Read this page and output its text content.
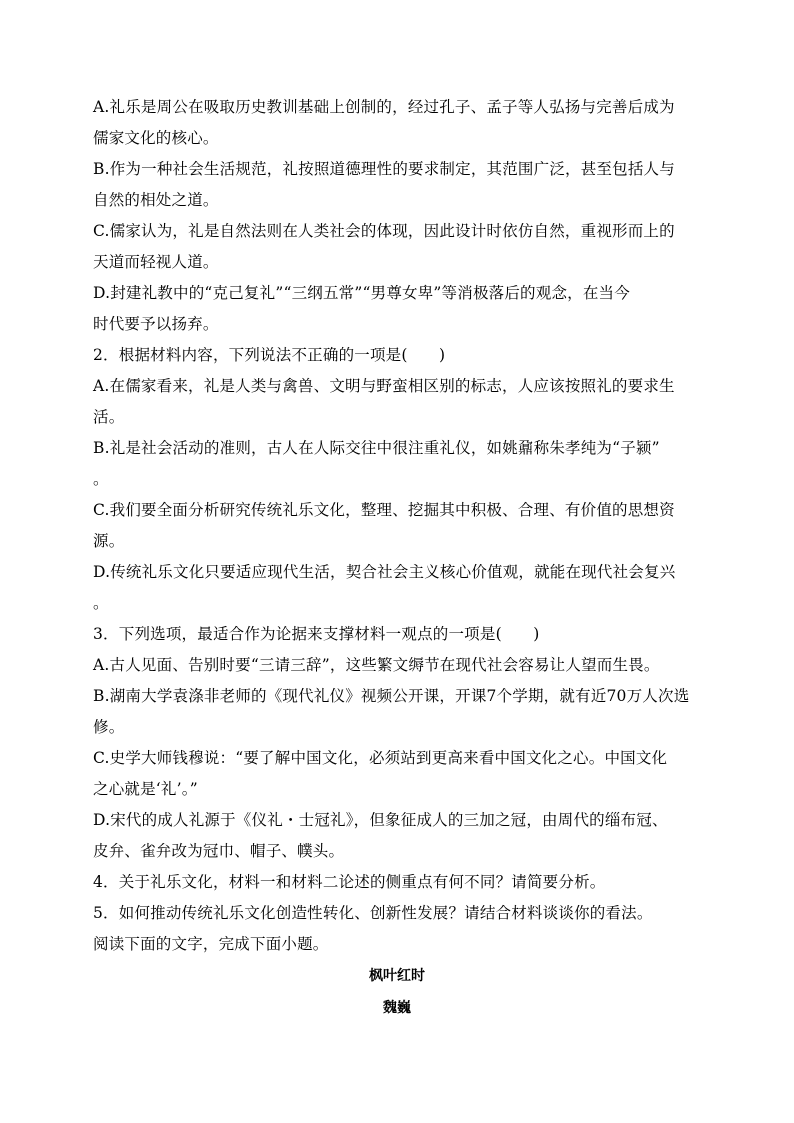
A.礼乐是周公在吸取历史教训基础上创制的，经过孔子、孟子等人弘扬与完善后成为
儒家文化的核心。
B.作为一种社会生活规范，礼按照道德理性的要求制定，其范围广泛，甚至包括人与
自然的相处之道。
C.儒家认为，礼是自然法则在人类社会的体现，因此设计时依仿自然，重视形而上的
天道而轻视人道。
D.封建礼教中的“克己复礼”“三纲五常”“男尊女卑”等消极落后的观念，在当今
时代要予以扬弃。
2．根据材料内容，下列说法不正确的一项是(　　)
A.在儒家看来，礼是人类与禽兽、文明与野蛮相区别的标志，人应该按照礼的要求生
活。
B.礼是社会活动的准则，古人在人际交往中很注重礼仪，如姚鼐称朱孝纯为“子颍”
。
C.我们要全面分析研究传统礼乐文化，整理、挖掘其中积极、合理、有价值的思想资
源。
D.传统礼乐文化只要适应现代生活，契合社会主义核心价值观，就能在现代社会复兴
。
3．下列选项，最适合作为论据来支撑材料一观点的一项是(　　)
A.古人见面、告别时要“三请三辞”，这些繁文缛节在现代社会容易让人望而生畏。
B.湖南大学袁涤非老师的《现代礼仪》视频公开课，开课7个学期，就有近70万人次选
修。
C.史学大师钱穆说：“要了解中国文化，必须站到更高来看中国文化之心。中国文化
之心就是‘礼’。”
D.宋代的成人礼源于《仪礼・士冠礼》，但象征成人的三加之冠，由周代的缁布冠、
皮弁、雀弁改为冠巾、帽子、幞头。
4．关于礼乐文化，材料一和材料二论述的侧重点有何不同？请简要分析。
5．如何推动传统礼乐文化创造性转化、创新性发展？请结合材料谈谈你的看法。
阅读下面的文字，完成下面小题。
枫叶红时
魏巍
